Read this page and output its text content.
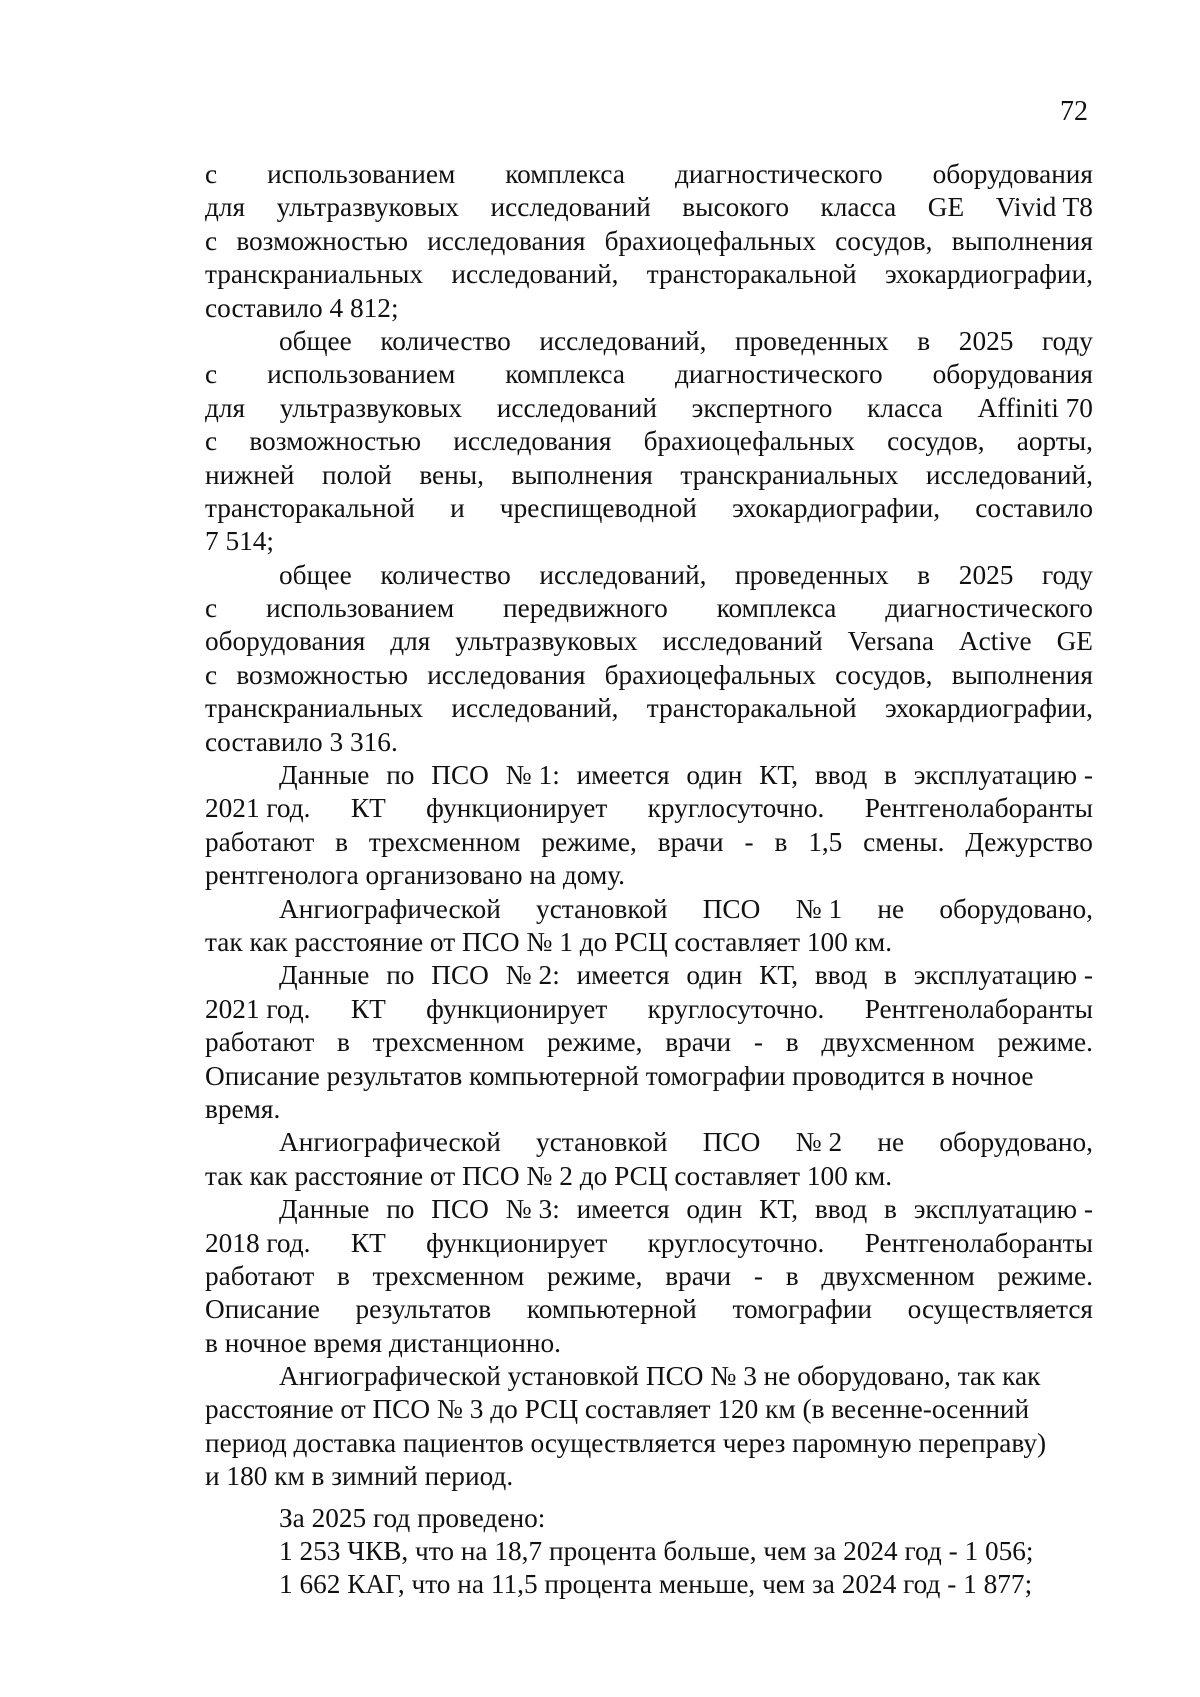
72
с использованием комплекса диагностического оборудования
для ультразвуковых исследований высокого класса GE Vivid T8
с возможностью исследования брахиоцефальных сосудов, выполнения
транскраниальных исследований, трансторакальной эхокардиографии,
составило 4 812;
общее количество исследований, проведенных в 2025 году
с использованием комплекса диагностического оборудования
для ультразвуковых исследований экспертного класса Affiniti 70
с возможностью исследования брахиоцефальных сосудов, аорты,
нижней полой вены, выполнения транскраниальных исследований,
трансторакальной и чреспищеводной эхокардиографии, составило
7 514;
общее количество исследований, проведенных в 2025 году
с использованием передвижного комплекса диагностического
оборудования для ультразвуковых исследований Versana Active GE
с возможностью исследования брахиоцефальных сосудов, выполнения
транскраниальных исследований, трансторакальной эхокардиографии,
составило 3 316.
Данные по ПСО № 1: имеется один КТ, ввод в эксплуатацию -
2021 год. КТ функционирует круглосуточно. Рентгенолаборанты
работают в трехсменном режиме, врачи - в 1,5 смены. Дежурство
рентгенолога организовано на дому.
Ангиографической установкой ПСО № 1 не оборудовано,
так как расстояние от ПСО № 1 до РСЦ составляет 100 км.
Данные по ПСО № 2: имеется один КТ, ввод в эксплуатацию -
2021 год. КТ функционирует круглосуточно. Рентгенолаборанты
работают в трехсменном режиме, врачи - в двухсменном режиме.
Описание результатов компьютерной томографии проводится в ночное
время.
Ангиографической установкой ПСО № 2 не оборудовано,
так как расстояние от ПСО № 2 до РСЦ составляет 100 км.
Данные по ПСО № 3: имеется один КТ, ввод в эксплуатацию -
2018 год. КТ функционирует круглосуточно. Рентгенолаборанты
работают в трехсменном режиме, врачи - в двухсменном режиме.
Описание результатов компьютерной томографии осуществляется
в ночное время дистанционно.
Ангиографической установкой ПСО № 3 не оборудовано, так как
расстояние от ПСО № 3 до РСЦ составляет 120 км (в весенне-осенний
период доставка пациентов осуществляется через паромную переправу)
и 180 км в зимний период.
За 2025 год проведено:
1 253 ЧКВ, что на 18,7 процента больше, чем за 2024 год - 1 056;
1 662 КАГ, что на 11,5 процента меньше, чем за 2024 год - 1 877;
